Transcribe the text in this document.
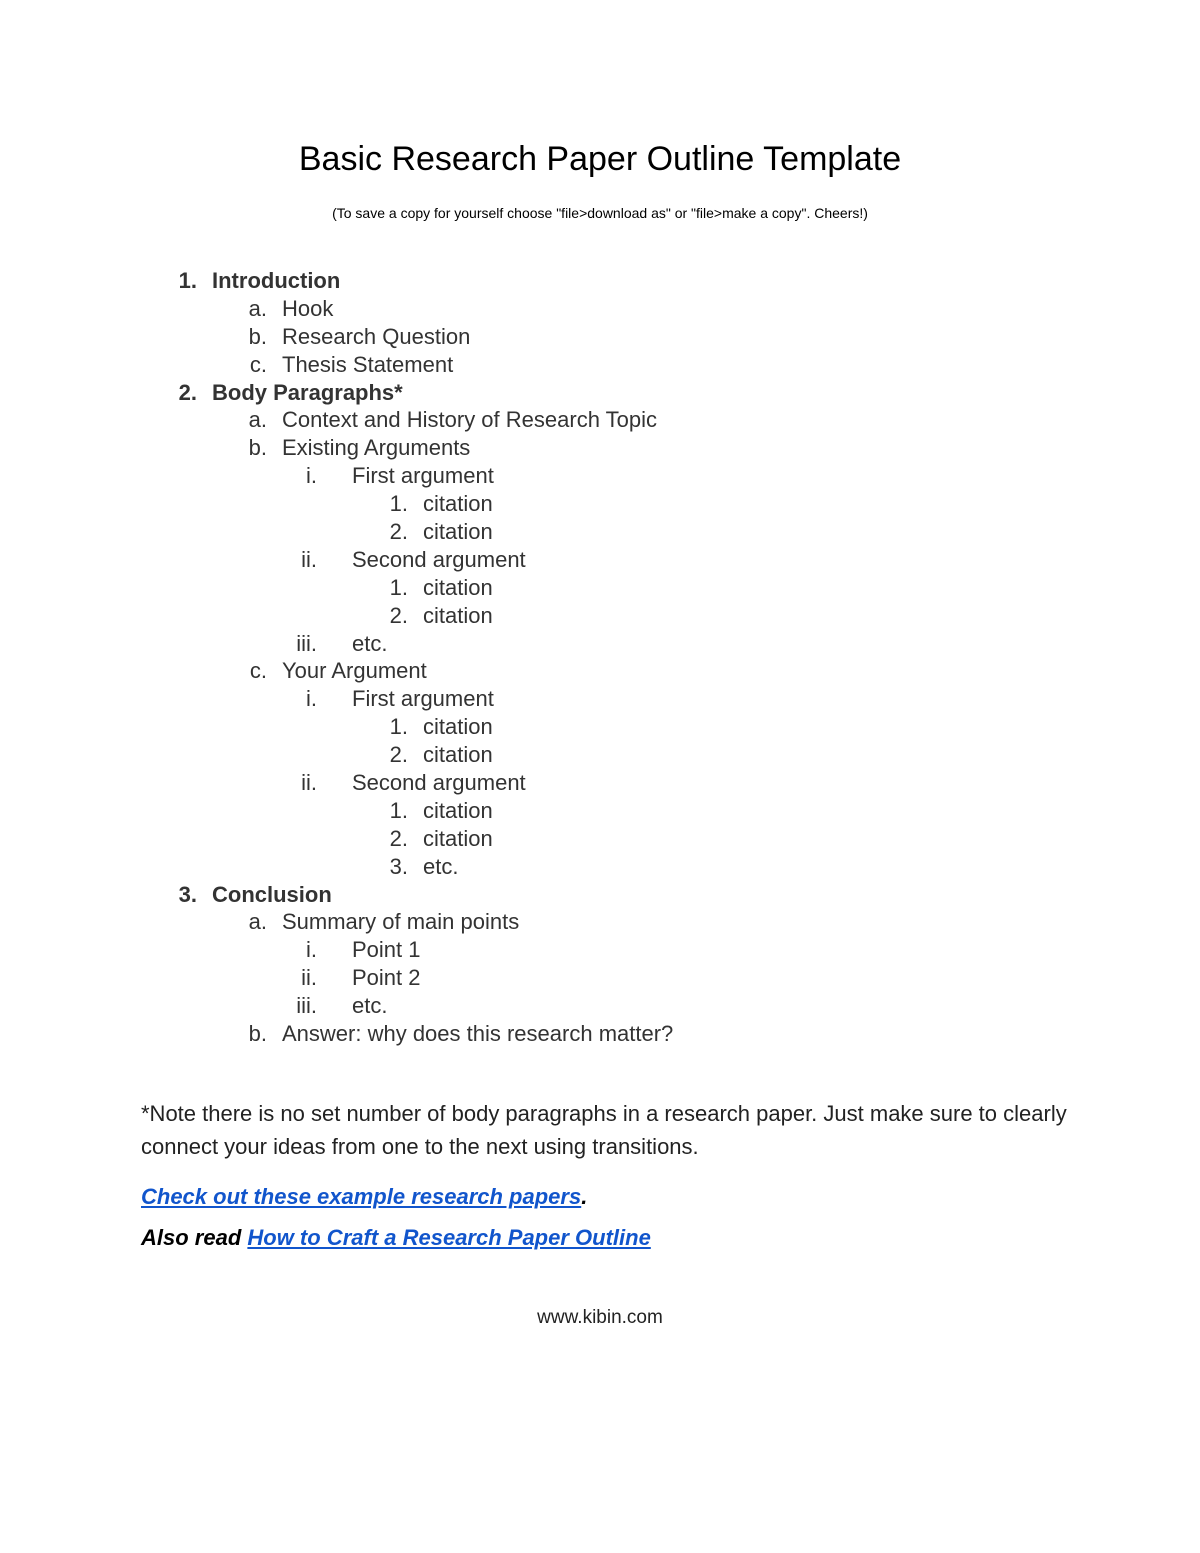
Basic Research Paper Outline Template
(To save a copy for yourself choose "file>download as" or "file>make a copy". Cheers!)
1. Introduction
a. Hook
b. Research Question
c. Thesis Statement
2. Body Paragraphs*
a. Context and History of Research Topic
b. Existing Arguments
i. First argument
1. citation
2. citation
ii. Second argument
1. citation
2. citation
iii. etc.
c. Your Argument
i. First argument
1. citation
2. citation
ii. Second argument
1. citation
2. citation
3. etc.
3. Conclusion
a. Summary of main points
i. Point 1
ii. Point 2
iii. etc.
b. Answer: why does this research matter?

*Note there is no set number of body paragraphs in a research paper. Just make sure to clearly connect your ideas from one to the next using transitions.

Check out these example research papers.
Also read How to Craft a Research Paper Outline
www.kibin.com
